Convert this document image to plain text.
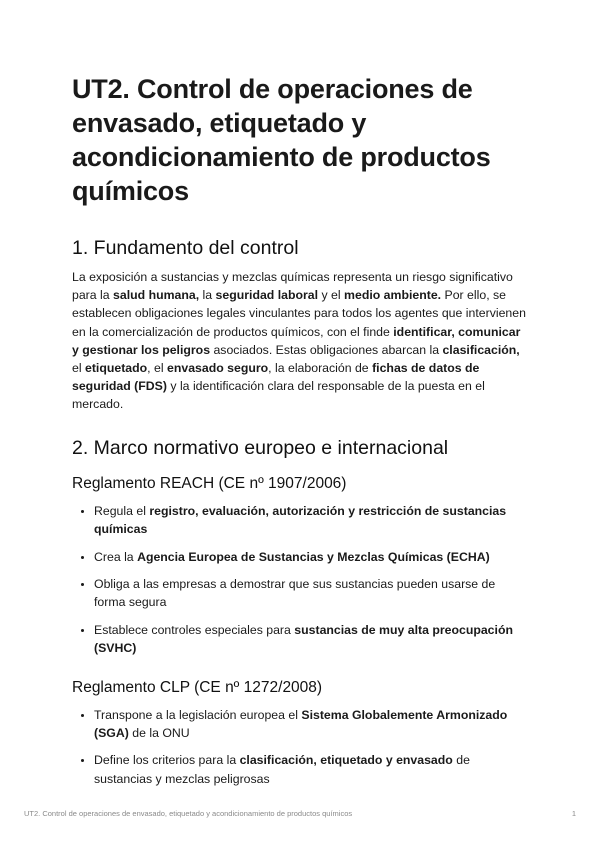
UT2. Control de operaciones de envasado, etiquetado y acondicionamiento de productos químicos
1. Fundamento del control

La exposición a sustancias y mezclas químicas representa un riesgo significativo para la salud humana, la seguridad laboral y el medio ambiente. Por ello, se establecen obligaciones legales vinculantes para todos los agentes que intervienen en la comercialización de productos químicos, con el finde identificar, comunicar y gestionar los peligros asociados. Estas obligaciones abarcan la clasificación, el etiquetado, el envasado seguro, la elaboración de fichas de datos de seguridad (FDS) y la identificación clara del responsable de la puesta en el mercado.

2. Marco normativo europeo e internacional
Reglamento REACH (CE nº 1907/2006)
• Regula el registro, evaluación, autorización y restricción de sustancias químicas
• Crea la Agencia Europea de Sustancias y Mezclas Químicas (ECHA)
• Obliga a las empresas a demostrar que sus sustancias pueden usarse de forma segura
• Establece controles especiales para sustancias de muy alta preocupación (SVHC)
Reglamento CLP (CE nº 1272/2008)
• Transpone a la legislación europea el Sistema Globalemente Armonizado (SGA) de la ONU
• Define los criterios para la clasificación, etiquetado y envasado de sustancias y mezclas peligrosas
UT2. Control de operaciones de envasado, etiquetado y acondicionamiento de productos químicos	1
